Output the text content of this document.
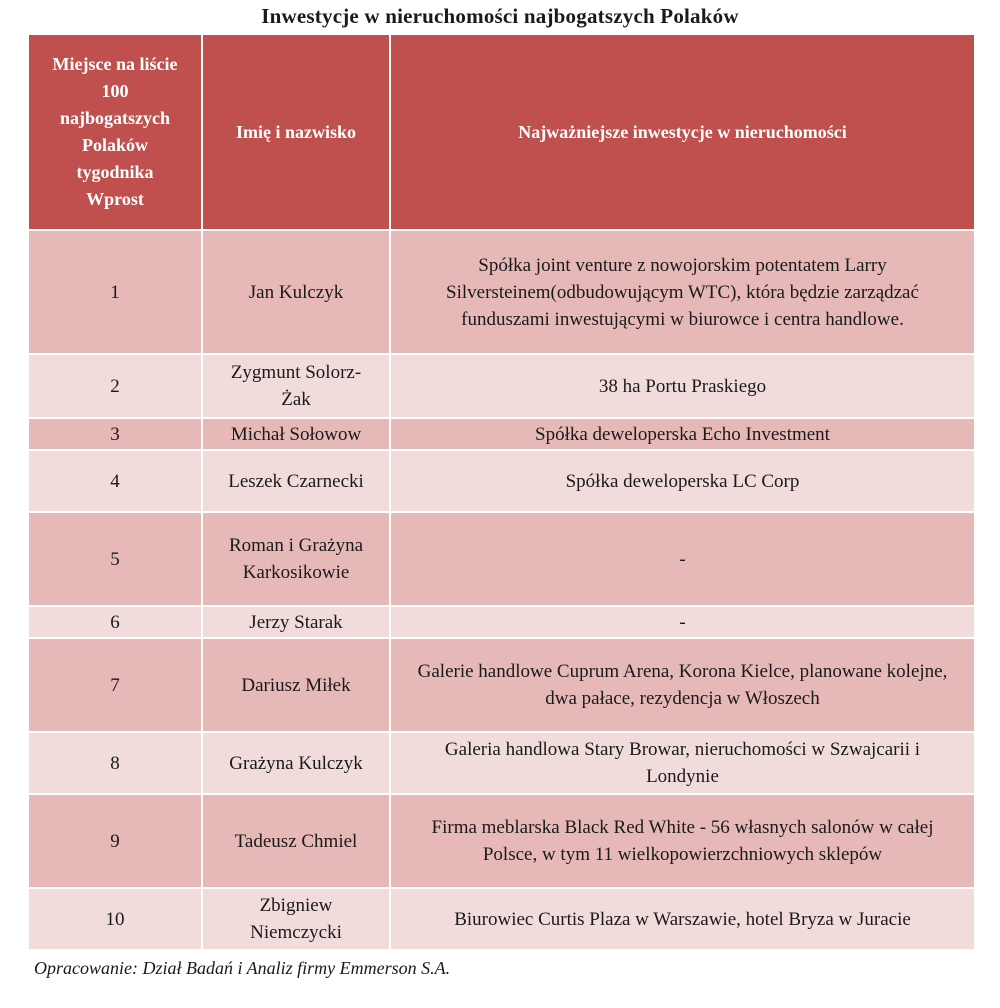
Inwestycje w nieruchomości najbogatszych Polaków
Miejsce na liście 100 najbogatszych Polaków tygodnika Wprost	Imię i nazwisko	Najważniejsze inwestycje w nieruchomości
1	Jan Kulczyk	Spółka joint venture z nowojorskim potentatem Larry Silversteinem(odbudowującym WTC), która będzie zarządzać funduszami inwestującymi w biurowce i centra handlowe.
2	Zygmunt Solorz-Żak	38 ha Portu Praskiego
3	Michał Sołowow	Spółka deweloperska Echo Investment
4	Leszek Czarnecki	Spółka deweloperska LC Corp
5	Roman i Grażyna Karkosikowie	-
6	Jerzy Starak	-
7	Dariusz Miłek	Galerie handlowe Cuprum Arena, Korona Kielce, planowane kolejne, dwa pałace, rezydencja w Włoszech
8	Grażyna Kulczyk	Galeria handlowa Stary Browar, nieruchomości w Szwajcarii i Londynie
9	Tadeusz Chmiel	Firma meblarska Black Red White - 56 własnych salonów w całej Polsce, w tym 11 wielkopowierzchniowych sklepów
10	Zbigniew Niemczycki	Biurowiec Curtis Plaza w Warszawie, hotel Bryza w Juracie
Opracowanie: Dział Badań i Analiz firmy Emmerson S.A.
